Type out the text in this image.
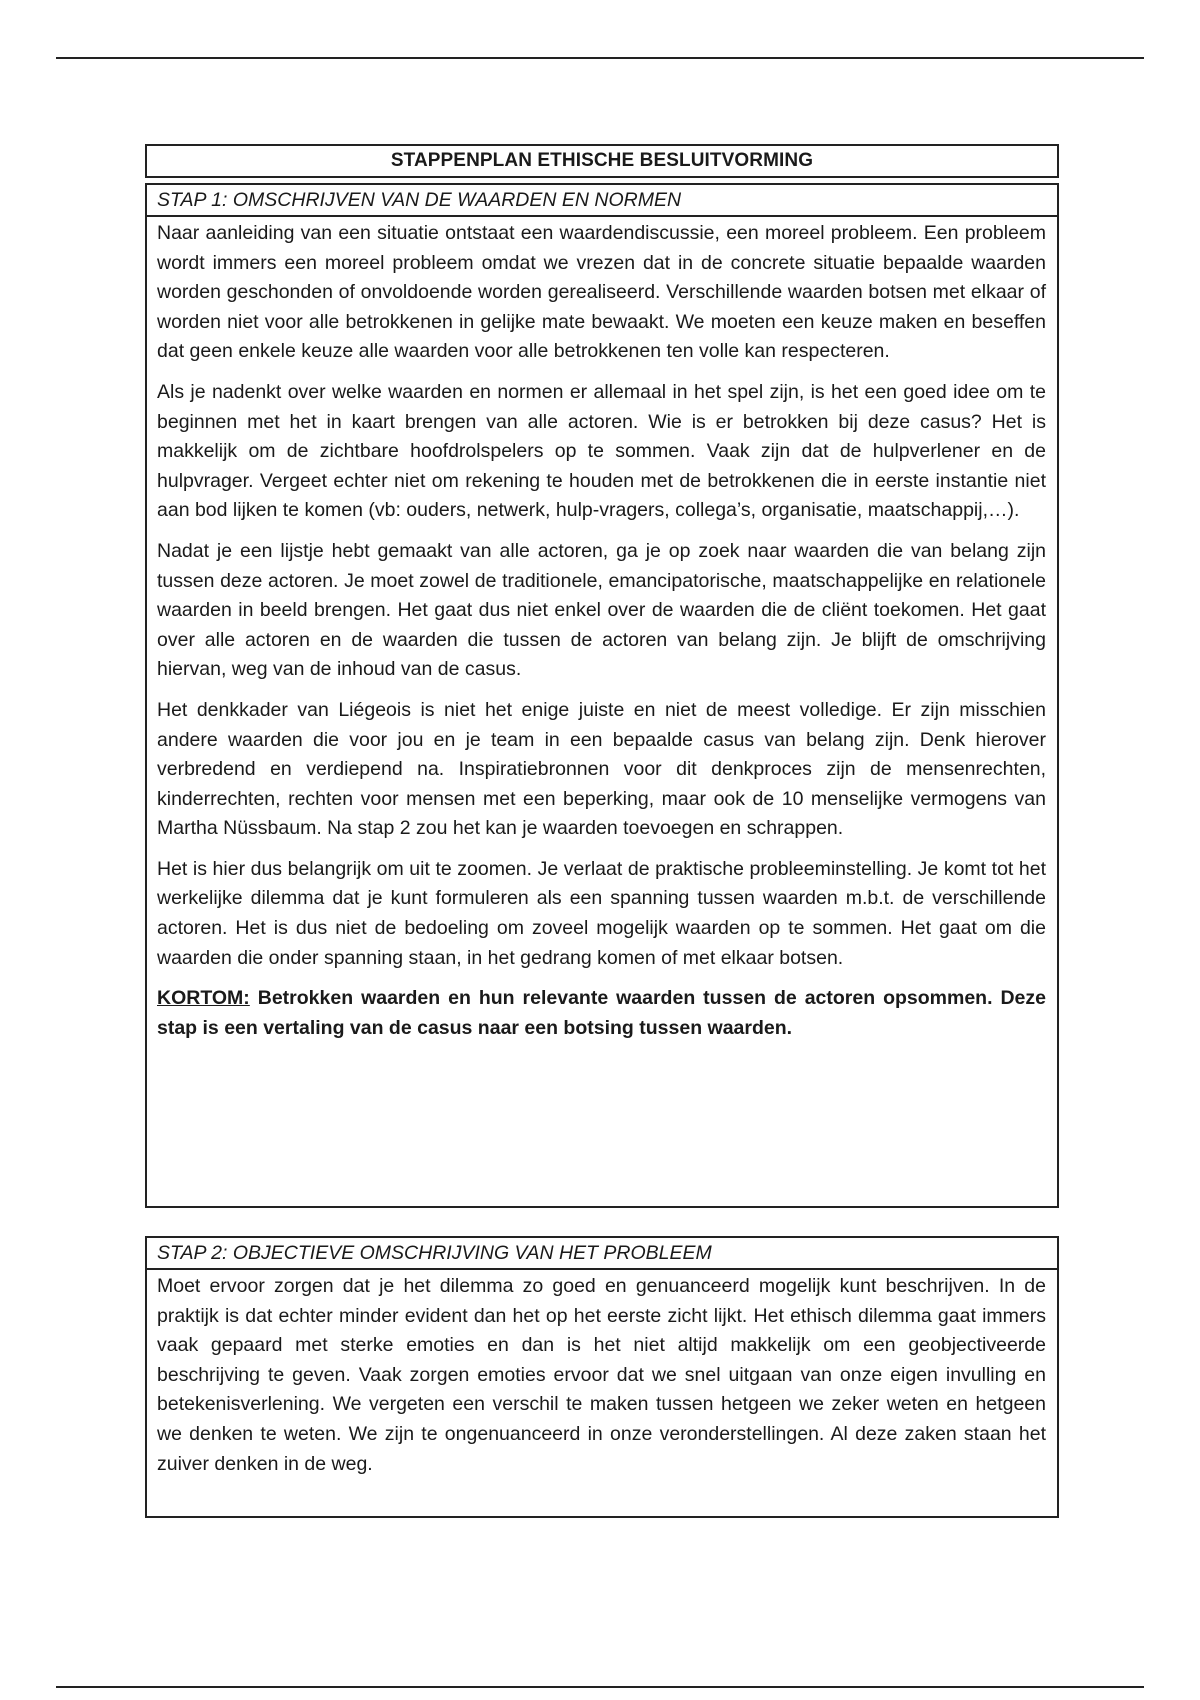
STAPPENPLAN ETHISCHE BESLUITVORMING
STAP 1: OMSCHRIJVEN VAN DE WAARDEN EN NORMEN

Naar aanleiding van een situatie ontstaat een waardendiscussie, een moreel probleem. Een probleem wordt immers een moreel probleem omdat we vrezen dat in de concrete situatie bepaalde waarden worden geschonden of onvoldoende worden gerealiseerd. Verschillende waarden botsen met elkaar of worden niet voor alle betrokkenen in gelijke mate bewaakt. We moeten een keuze maken en beseffen dat geen enkele keuze alle waarden voor alle betrokkenen ten volle kan respecteren.

Als je nadenkt over welke waarden en normen er allemaal in het spel zijn, is het een goed idee om te beginnen met het in kaart brengen van alle actoren. Wie is er betrokken bij deze casus? Het is makkelijk om de zichtbare hoofdrolspelers op te sommen. Vaak zijn dat de hulpverlener en de hulpvrager. Vergeet echter niet om rekening te houden met de betrokkenen die in eerste instantie niet aan bod lijken te komen (vb: ouders, netwerk, hulp-vragers, collega’s, organisatie, maatschappij,…).

Nadat je een lijstje hebt gemaakt van alle actoren, ga je op zoek naar waarden die van belang zijn tussen deze actoren. Je moet zowel de traditionele, emancipatorische, maatschappelijke en relationele waarden in beeld brengen. Het gaat dus niet enkel over de waarden die de cliënt toekomen. Het gaat over alle actoren en de waarden die tussen de actoren van belang zijn. Je blijft de omschrijving hiervan, weg van de inhoud van de casus.

Het denkkader van Liégeois is niet het enige juiste en niet de meest volledige. Er zijn misschien andere waarden die voor jou en je team in een bepaalde casus van belang zijn. Denk hierover verbredend en verdiepend na. Inspiratiebronnen voor dit denkproces zijn de mensenrechten, kinderrechten, rechten voor mensen met een beperking, maar ook de 10 menselijke vermogens van Martha Nüssbaum. Na stap 2 zou het kan je waarden toevoegen en schrappen.

Het is hier dus belangrijk om uit te zoomen. Je verlaat de praktische probleeminstelling. Je komt tot het werkelijke dilemma dat je kunt formuleren als een spanning tussen waarden m.b.t. de verschillende actoren. Het is dus niet de bedoeling om zoveel mogelijk waarden op te sommen. Het gaat om die waarden die onder spanning staan, in het gedrang komen of met elkaar botsen.

KORTOM: Betrokken waarden en hun relevante waarden tussen de actoren opsommen. Deze stap is een vertaling van de casus naar een botsing tussen waarden.

STAP 2: OBJECTIEVE OMSCHRIJVING VAN HET PROBLEEM

Moet ervoor zorgen dat je het dilemma zo goed en genuanceerd mogelijk kunt beschrijven. In de praktijk is dat echter minder evident dan het op het eerste zicht lijkt. Het ethisch dilemma gaat immers vaak gepaard met sterke emoties en dan is het niet altijd makkelijk om een geobjectiveerde beschrijving te geven. Vaak zorgen emoties ervoor dat we snel uitgaan van onze eigen invulling en betekenisverlening. We vergeten een verschil te maken tussen hetgeen we zeker weten en hetgeen we denken te weten. We zijn te ongenuanceerd in onze veronderstellingen. Al deze zaken staan het zuiver denken in de weg.
